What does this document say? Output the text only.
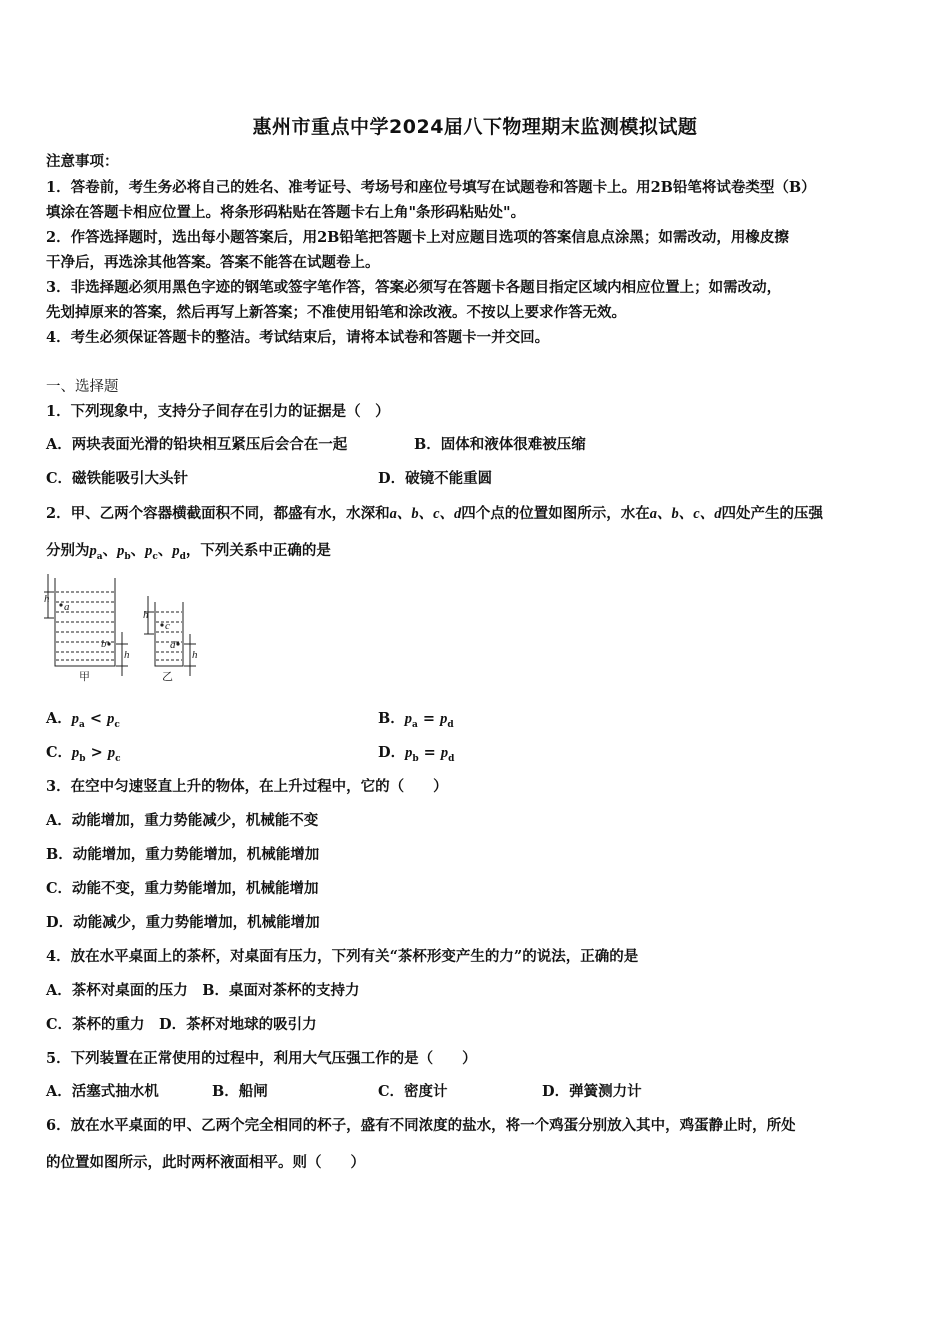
惠州市重点中学2024届八下物理期末监测模拟试题
注意事项：
1．答卷前，考生务必将自己的姓名、准考证号、考场号和座位号填写在试题卷和答题卡上。用2B铅笔将试卷类型（B）
填涂在答题卡相应位置上。将条形码粘贴在答题卡右上角"条形码粘贴处"。
2．作答选择题时，选出每小题答案后，用2B铅笔把答题卡上对应题目选项的答案信息点涂黑；如需改动，用橡皮擦
干净后，再选涂其他答案。答案不能答在试题卷上。
3．非选择题必须用黑色字迹的钢笔或签字笔作答，答案必须写在答题卡各题目指定区域内相应位置上；如需改动，
先划掉原来的答案，然后再写上新答案；不准使用铅笔和涂改液。不按以上要求作答无效。
4．考生必须保证答题卡的整洁。考试结束后，请将本试卷和答题卡一并交回。
一、选择题
1．下列现象中，支持分子间存在引力的证据是（　）
A．两块表面光滑的铅块相互紧压后会合在一起	B．固体和液体很难被压缩
C．磁铁能吸引大头针	D．破镜不能重圆
2．甲、乙两个容器横截面积不同，都盛有水，水深和a、b、c、d四个点的位置如图所示，水在a、b、c、d四处产生的压强
分别为$p_a$、$p_b$、$p_c$、$p_d$，下列关系中正确的是
h
a
b
h
h
c
d
h
甲	乙
A．$p_a < p_c$	B．$p_a = p_d$
C．$p_b > p_c$	D．$p_b = p_d$
3．在空中匀速竖直上升的物体，在上升过程中，它的（　　）
A．动能增加，重力势能减少，机械能不变
B．动能增加，重力势能增加，机械能增加
C．动能不变，重力势能增加，机械能增加
D．动能减少，重力势能增加，机械能增加
4．放在水平桌面上的茶杯，对桌面有压力，下列有关“茶杯形变产生的力”的说法，正确的是
A．茶杯对桌面的压力　B．桌面对茶杯的支持力
C．茶杯的重力　D．茶杯对地球的吸引力
5．下列装置在正常使用的过程中，利用大气压强工作的是（　　）
A．活塞式抽水机	B．船闸	C．密度计	D．弹簧测力计
6．放在水平桌面的甲、乙两个完全相同的杯子，盛有不同浓度的盐水，将一个鸡蛋分别放入其中，鸡蛋静止时，所处
的位置如图所示，此时两杯液面相平。则（　　）
